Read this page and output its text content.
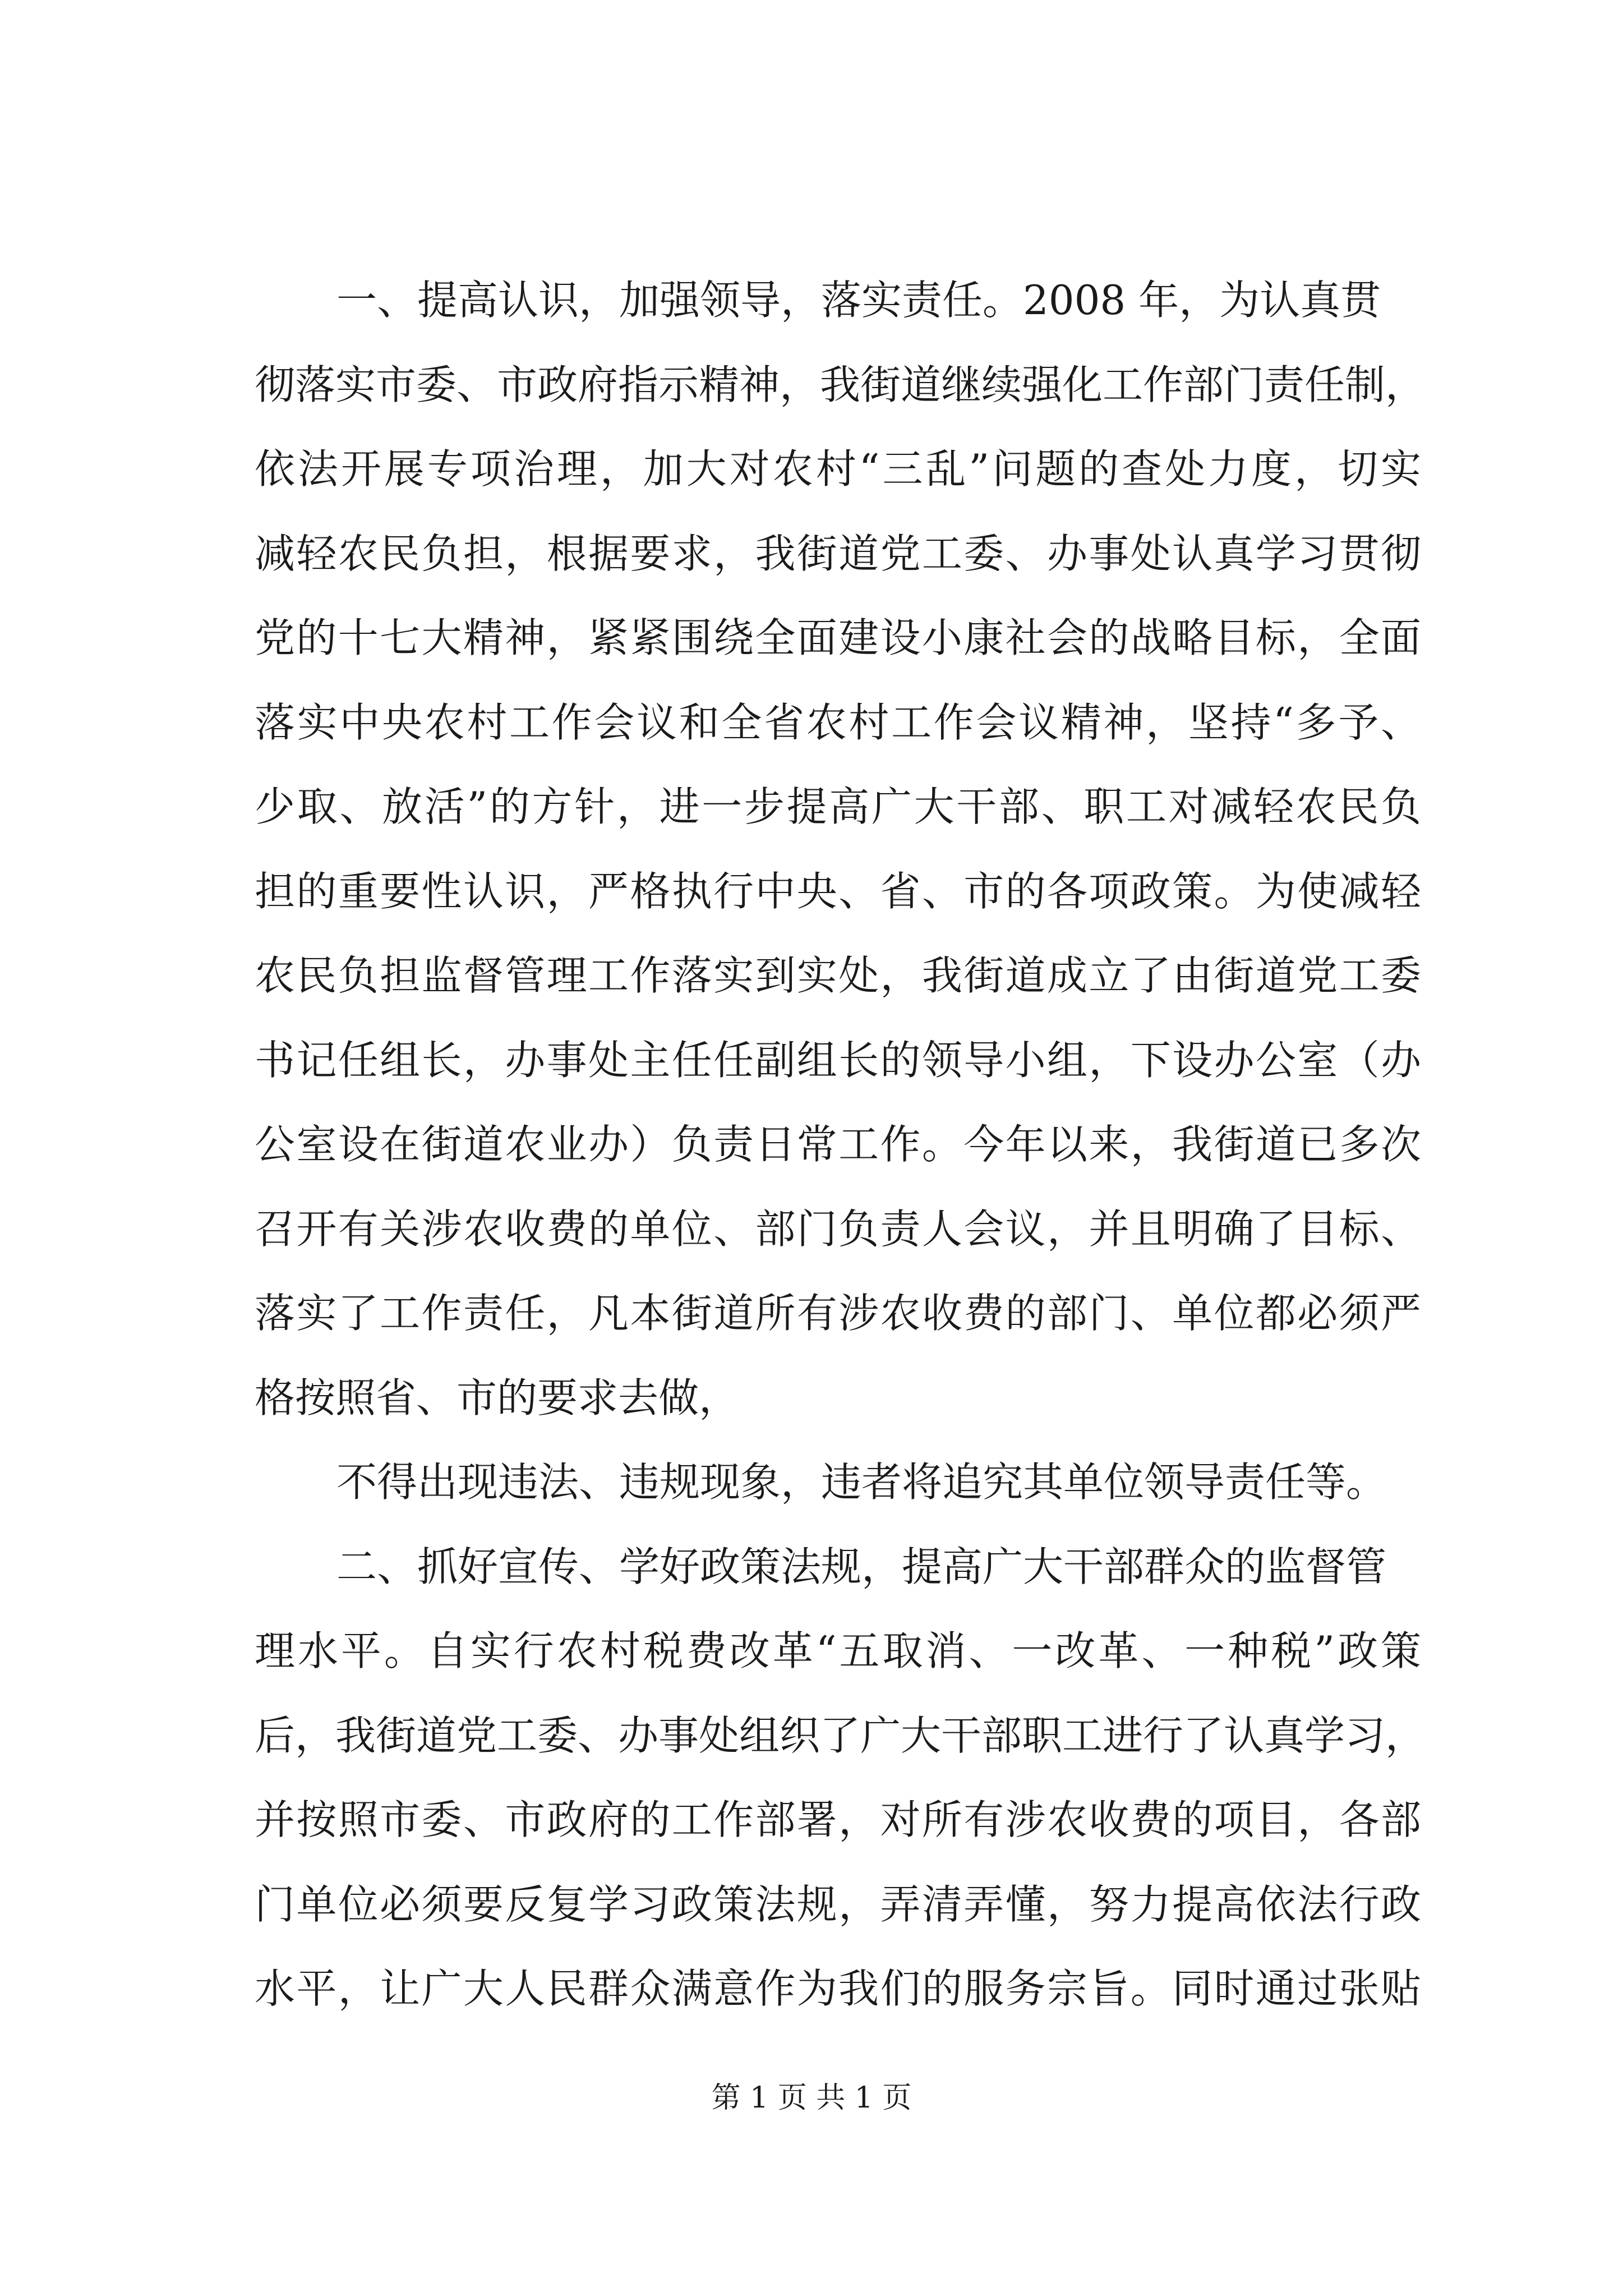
一、提高认识，加强领导，落实责任。2008 年，为认真贯
彻落实市委、市政府指示精神，我街道继续强化工作部门责任制，
依法开展专项治理，加大对农村“三乱”问题的查处力度，切实
减轻农民负担，根据要求，我街道党工委、办事处认真学习贯彻
党的十七大精神，紧紧围绕全面建设小康社会的战略目标，全面
落实中央农村工作会议和全省农村工作会议精神，坚持“多予、
少取、放活”的方针，进一步提高广大干部、职工对减轻农民负
担的重要性认识，严格执行中央、省、市的各项政策。为使减轻
农民负担监督管理工作落实到实处，我街道成立了由街道党工委
书记任组长，办事处主任任副组长的领导小组，下设办公室（办
公室设在街道农业办）负责日常工作。今年以来，我街道已多次
召开有关涉农收费的单位、部门负责人会议，并且明确了目标、
落实了工作责任，凡本街道所有涉农收费的部门、单位都必须严
格按照省、市的要求去做，
不得出现违法、违规现象，违者将追究其单位领导责任等。
二、抓好宣传、学好政策法规，提高广大干部群众的监督管
理水平。自实行农村税费改革“五取消、一改革、一种税”政策
后，我街道党工委、办事处组织了广大干部职工进行了认真学习，
并按照市委、市政府的工作部署，对所有涉农收费的项目，各部
门单位必须要反复学习政策法规，弄清弄懂，努力提高依法行政
水平，让广大人民群众满意作为我们的服务宗旨。同时通过张贴
第 1 页 共 1 页
